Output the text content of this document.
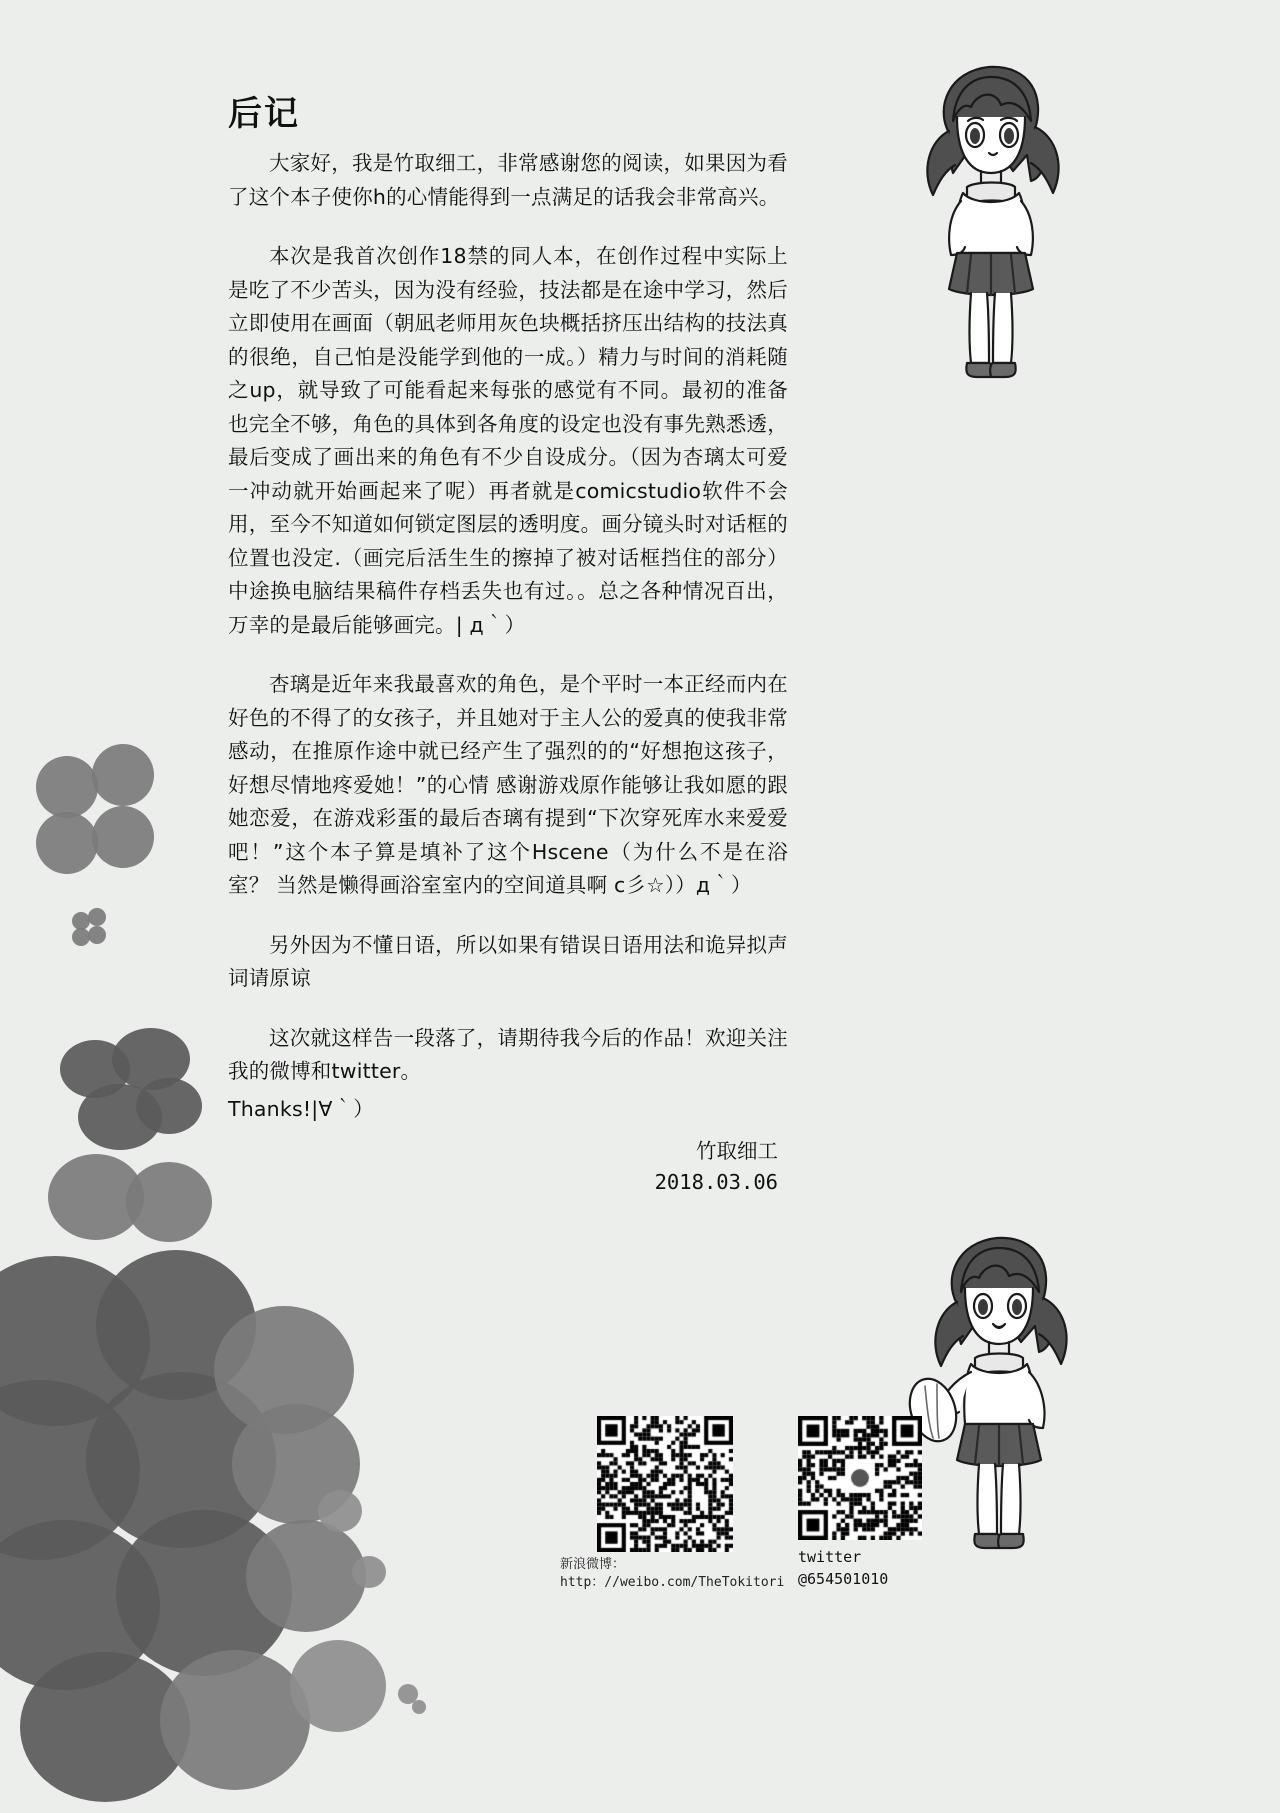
后记

大家好，我是竹取细工，非常感谢您的阅读，如果因为看了这个本子使你h的心情能得到一点满足的话我会非常高兴。

本次是我首次创作18禁的同人本，在创作过程中实际上是吃了不少苦头，因为没有经验，技法都是在途中学习，然后立即使用在画面（朝凪老师用灰色块概括挤压出结构的技法真的很绝，自己怕是没能学到他的一成。）精力与时间的消耗随之up，就导致了可能看起来每张的感觉有不同。最初的准备也完全不够，角色的具体到各角度的设定也没有事先熟悉透，最后变成了画出来的角色有不少自设成分。（因为杏璃太可爱一冲动就开始画起来了呢）再者就是comicstudio软件不会用，至今不知道如何锁定图层的透明度。画分镜头时对话框的位置也没定.（画完后活生生的擦掉了被对话框挡住的部分）中途换电脑结果稿件存档丢失也有过。。总之各种情况百出，万幸的是最后能够画完。| д｀）

杏璃是近年来我最喜欢的角色，是个平时一本正经而内在好色的不得了的女孩子，并且她对于主人公的爱真的使我非常感动，在推原作途中就已经产生了强烈的的“好想抱这孩子，好想尽情地疼爱她！”的心情 感谢游戏原作能够让我如愿的跟她恋爱，在游戏彩蛋的最后杏璃有提到“下次穿死库水来爱爱吧！”这个本子算是填补了这个Hscene（为什么不是在浴室？ 当然是懒得画浴室室内的空间道具啊 c彡☆））д｀）

另外因为不懂日语，所以如果有错误日语用法和诡异拟声词请原谅

这次就这样告一段落了，请期待我今后的作品！欢迎关注我的微博和twitter。

Thanks!|∀｀）

竹取细工
2018.03.06
新浪微博：
http：//weibo.com/TheTokitori
twitter
@654501010
